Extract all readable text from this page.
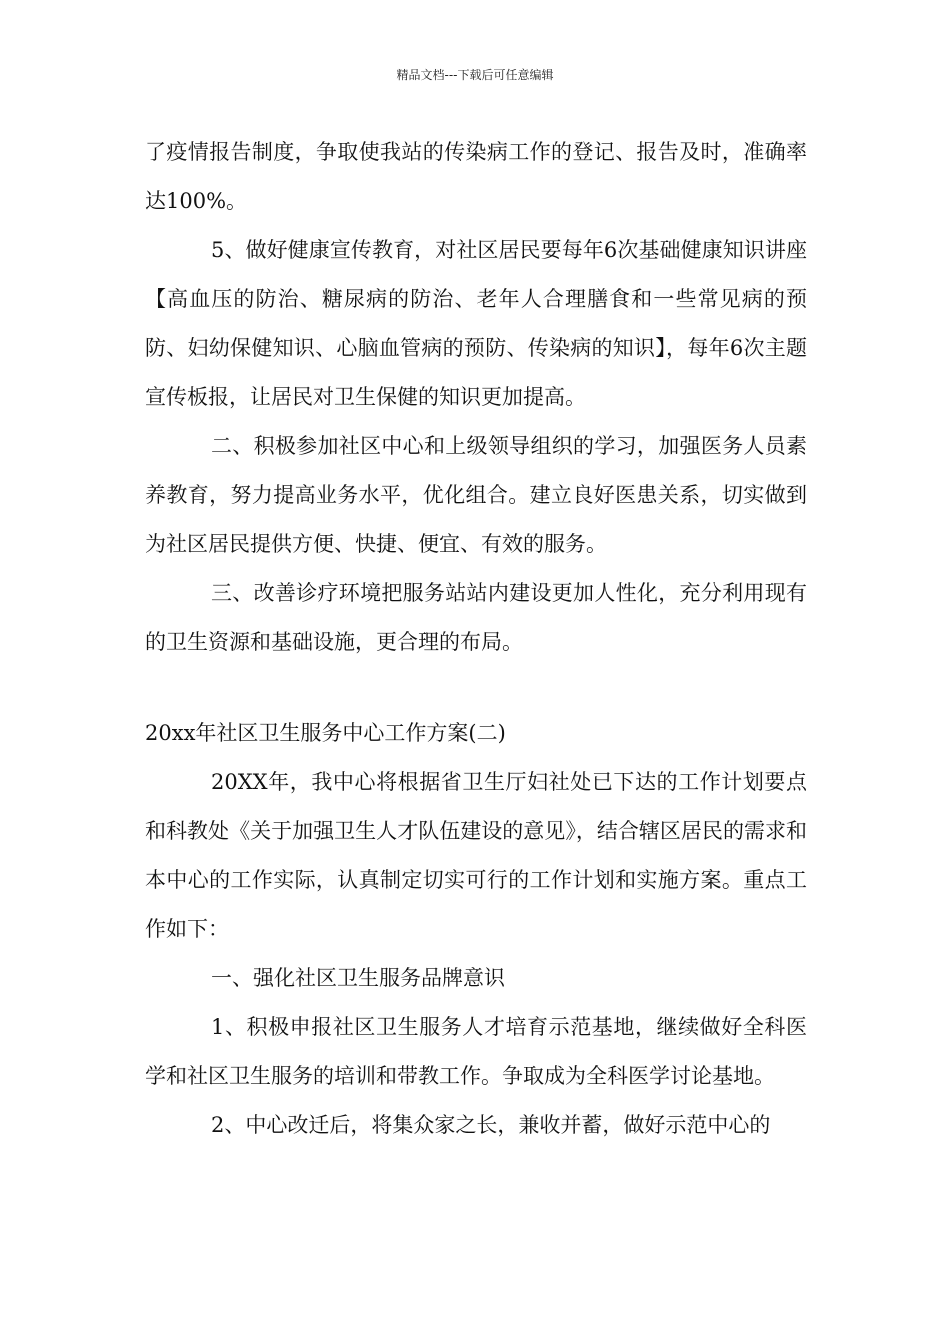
精品文档---下载后可任意编辑

了疫情报告制度，争取使我站的传染病工作的登记、报告及时，准确率达100%。

5、做好健康宣传教育，对社区居民要每年6次基础健康知识讲座【高血压的防治、糖尿病的防治、老年人合理膳食和一些常见病的预防、妇幼保健知识、心脑血管病的预防、传染病的知识】，每年6次主题宣传板报，让居民对卫生保健的知识更加提高。

二、积极参加社区中心和上级领导组织的学习，加强医务人员素养教育，努力提高业务水平，优化组合。建立良好医患关系，切实做到为社区居民提供方便、快捷、便宜、有效的服务。

三、改善诊疗环境把服务站站内建设更加人性化，充分利用现有的卫生资源和基础设施，更合理的布局。

20xx年社区卫生服务中心工作方案(二)

20XX年，我中心将根据省卫生厅妇社处已下达的工作计划要点和科教处《关于加强卫生人才队伍建设的意见》，结合辖区居民的需求和本中心的工作实际，认真制定切实可行的工作计划和实施方案。重点工作如下：

一、强化社区卫生服务品牌意识

1、积极申报社区卫生服务人才培育示范基地，继续做好全科医学和社区卫生服务的培训和带教工作。争取成为全科医学讨论基地。

2、中心改迁后，将集众家之长，兼收并蓄，做好示范中心的
